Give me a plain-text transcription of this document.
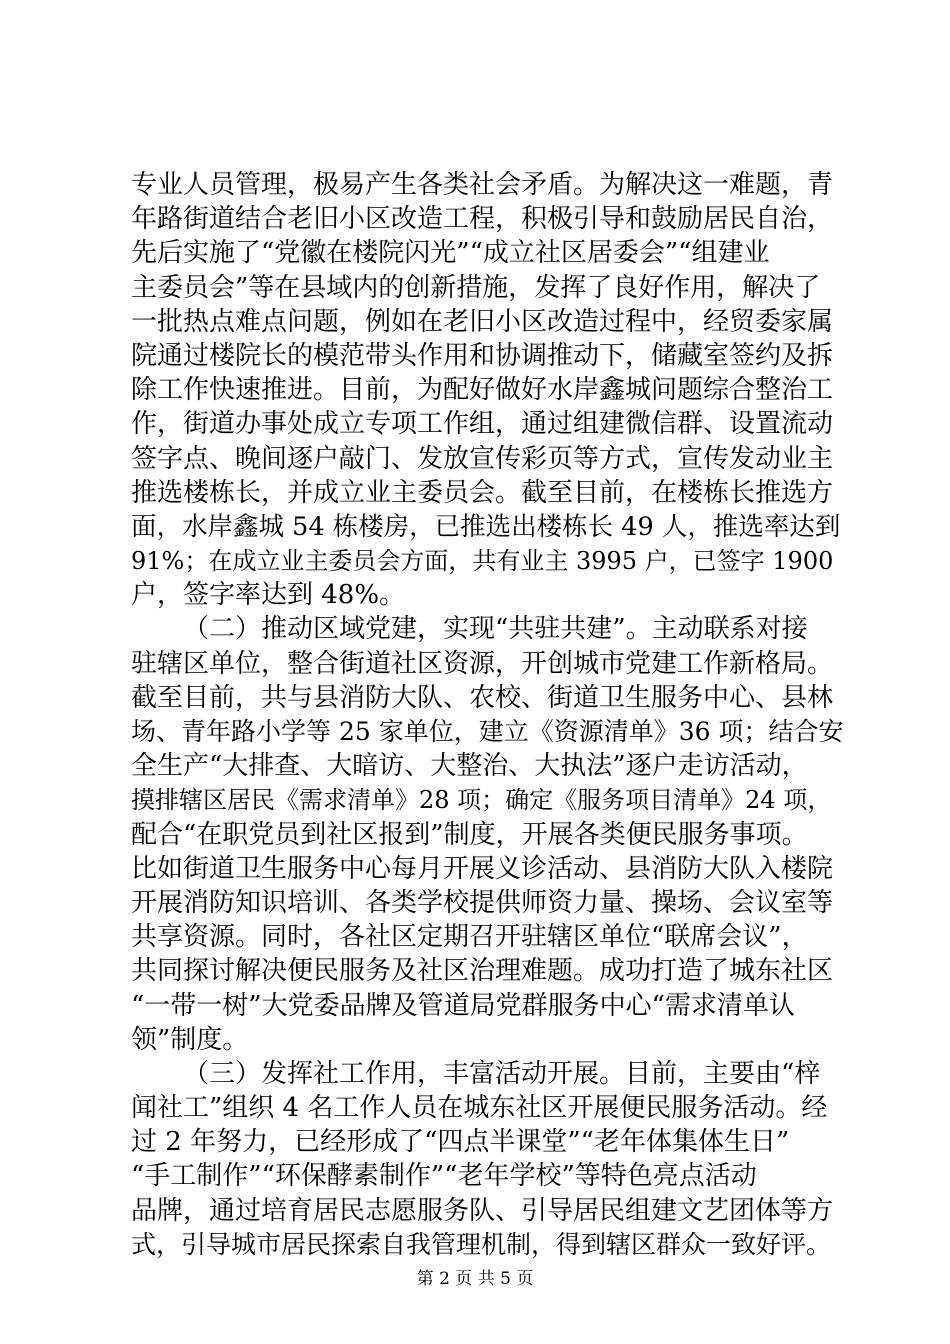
专业人员管理，极易产生各类社会矛盾。为解决这一难题，青
年路街道结合老旧小区改造工程，积极引导和鼓励居民自治，
先后实施了“党徽在楼院闪光”“成立社区居委会”“组建业
主委员会”等在县域内的创新措施，发挥了良好作用，解决了
一批热点难点问题，例如在老旧小区改造过程中，经贸委家属
院通过楼院长的模范带头作用和协调推动下，储藏室签约及拆
除工作快速推进。目前，为配好做好水岸鑫城问题综合整治工
作，街道办事处成立专项工作组，通过组建微信群、设置流动
签字点、晚间逐户敲门、发放宣传彩页等方式，宣传发动业主
推选楼栋长，并成立业主委员会。截至目前，在楼栋长推选方
面，水岸鑫城 54 栋楼房，已推选出楼栋长 49 人，推选率达到
91%；在成立业主委员会方面，共有业主 3995 户，已签字 1900
户，签字率达到 48%。
（二）推动区域党建，实现“共驻共建”。主动联系对接
驻辖区单位，整合街道社区资源，开创城市党建工作新格局。
截至目前，共与县消防大队、农校、街道卫生服务中心、县林
场、青年路小学等 25 家单位，建立《资源清单》36 项；结合安
全生产“大排查、大暗访、大整治、大执法”逐户走访活动，
摸排辖区居民《需求清单》28 项；确定《服务项目清单》24 项，
配合“在职党员到社区报到”制度，开展各类便民服务事项。
比如街道卫生服务中心每月开展义诊活动、县消防大队入楼院
开展消防知识培训、各类学校提供师资力量、操场、会议室等
共享资源。同时，各社区定期召开驻辖区单位“联席会议”，
共同探讨解决便民服务及社区治理难题。成功打造了城东社区
“一带一树”大党委品牌及管道局党群服务中心“需求清单认
领”制度。
（三）发挥社工作用，丰富活动开展。目前，主要由“梓
闻社工”组织 4 名工作人员在城东社区开展便民服务活动。经
过 2 年努力，已经形成了“四点半课堂”“老年体集体生日”
“手工制作”“环保酵素制作”“老年学校”等特色亮点活动
品牌，通过培育居民志愿服务队、引导居民组建文艺团体等方
式，引导城市居民探索自我管理机制，得到辖区群众一致好评。
第 2 页 共 5 页
